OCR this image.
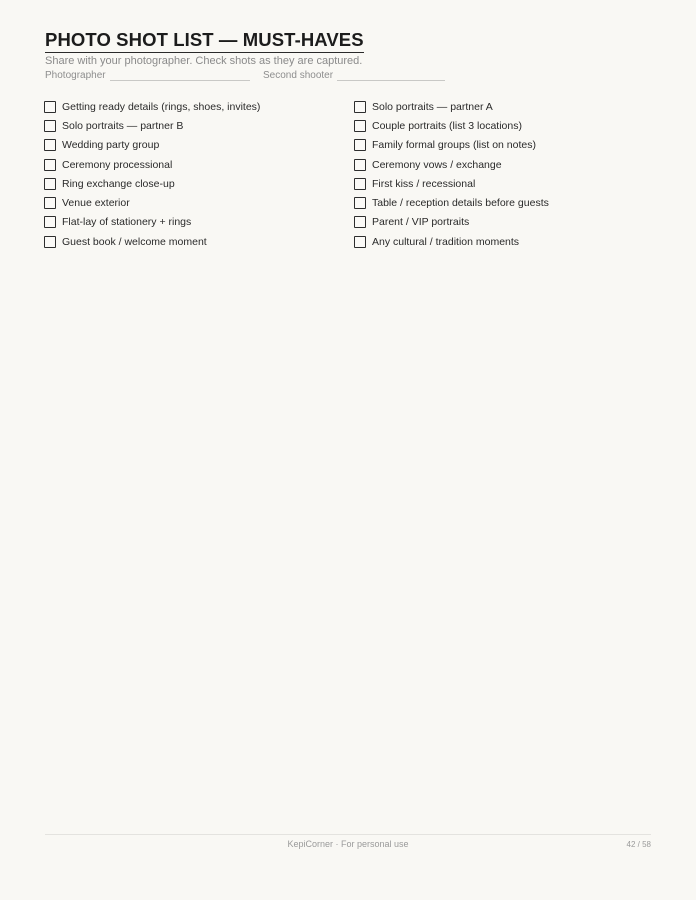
PHOTO SHOT LIST — MUST-HAVES
Share with your photographer. Check shots as they are captured.
Photographer	Second shooter
Getting ready details (rings, shoes, invites)
Solo portraits — partner B
Wedding party group
Ceremony processional
Ring exchange close-up
Venue exterior
Flat-lay of stationery + rings
Guest book / welcome moment
Solo portraits — partner A
Couple portraits (list 3 locations)
Family formal groups (list on notes)
Ceremony vows / exchange
First kiss / recessional
Table / reception details before guests
Parent / VIP portraits
Any cultural / tradition moments
KepiCorner · For personal use	42 / 58
